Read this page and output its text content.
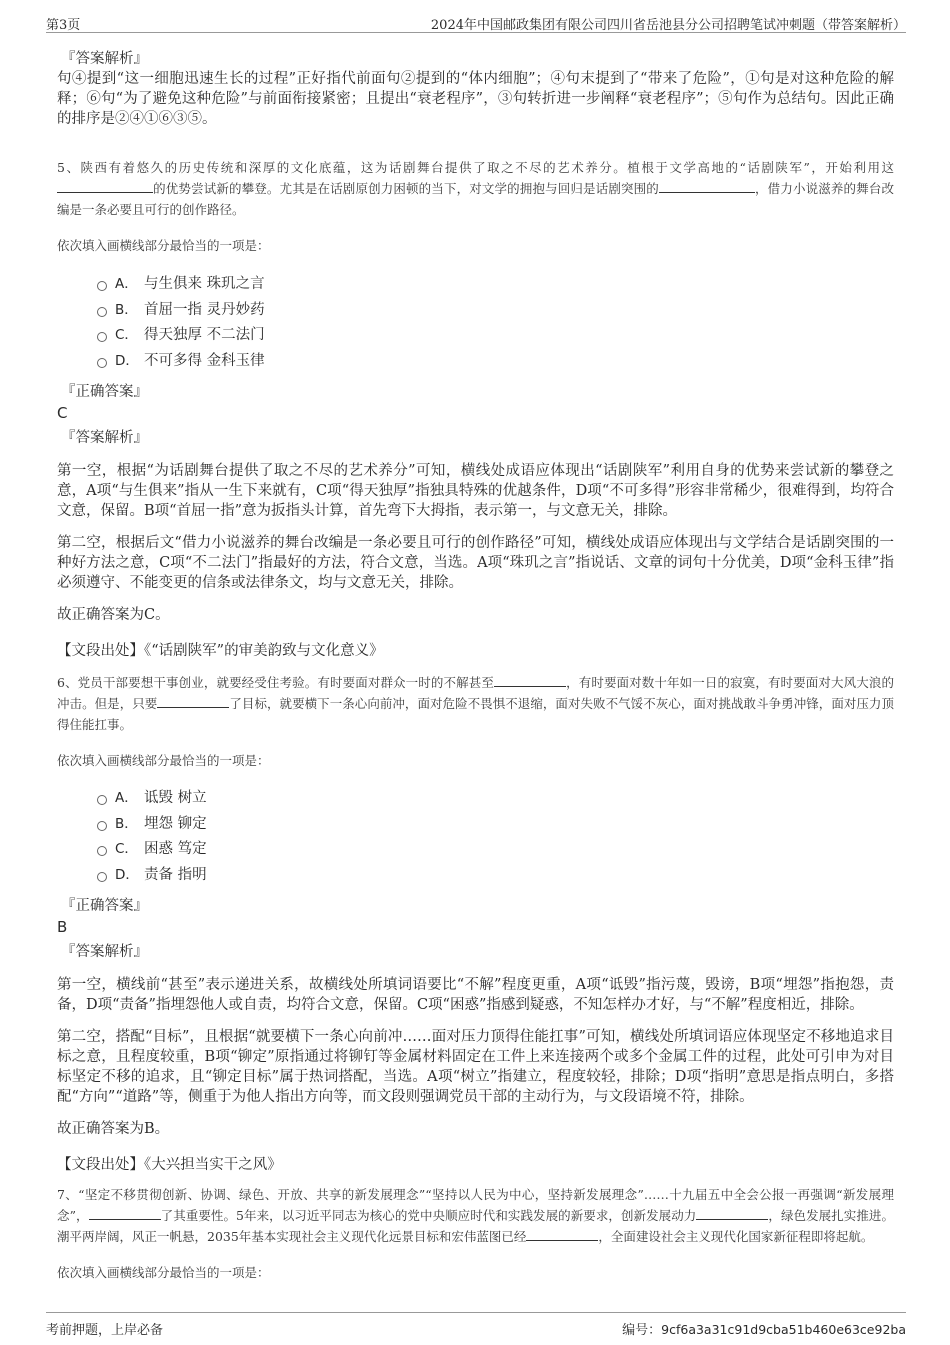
第3页	2024年中国邮政集团有限公司四川省岳池县分公司招聘笔试冲刺题（带答案解析）

『答案解析』

句④提到“这一细胞迅速生长的过程”正好指代前面句②提到的“体内细胞”；④句末提到了“带来了危险”，①句是对这种危险的解释；⑥句“为了避免这种危险”与前面衔接紧密；且提出“衰老程序”，③句转折进一步阐释“衰老程序”；⑤句作为总结句。因此正确的排序是②④①⑥③⑤。

5、陕西有着悠久的历史传统和深厚的文化底蕴，这为话剧舞台提供了取之不尽的艺术养分。植根于文学高地的“话剧陕军”，开始利用这的优势尝试新的攀登。尤其是在话剧原创力困顿的当下，对文学的拥抱与回归是话剧突围的	，借力小说滋养的舞台改编是一条必要且可行的创作路径。

依次填入画横线部分最恰当的一项是：

A． 与生俱来 珠玑之言
B． 首屈一指 灵丹妙药
C． 得天独厚 不二法门
D． 不可多得 金科玉律

『正确答案』

C

『答案解析』

第一空，根据“为话剧舞台提供了取之不尽的艺术养分”可知，横线处成语应体现出“话剧陕军”利用自身的优势来尝试新的攀登之意，A项“与生俱来”指从一生下来就有，C项“得天独厚”指独具特殊的优越条件，D项“不可多得”形容非常稀少，很难得到，均符合文意，保留。B项“首屈一指”意为扳指头计算，首先弯下大拇指，表示第一，与文意无关，排除。

第二空，根据后文“借力小说滋养的舞台改编是一条必要且可行的创作路径”可知，横线处成语应体现出与文学结合是话剧突围的一种好方法之意，C项“不二法门”指最好的方法，符合文意，当选。A项“珠玑之言”指说话、文章的词句十分优美，D项“金科玉律”指必须遵守、不能变更的信条或法律条文，均与文意无关，排除。

故正确答案为C。

【文段出处】《“话剧陕军”的审美韵致与文化意义》

6、党员干部要想干事创业，就要经受住考验。有时要面对群众一时的不解甚至	，有时要面对数十年如一日的寂寞，有时要面对大风大浪的冲击。但是，只要	了目标，就要横下一条心向前冲，面对危险不畏惧不退缩，面对失败不气馁不灰心，面对挑战敢斗争勇冲锋，面对压力顶得住能扛事。

依次填入画横线部分最恰当的一项是：

A． 诋毁 树立
B． 埋怨 铆定
C． 困惑 笃定
D． 责备 指明

『正确答案』

B

『答案解析』

第一空，横线前“甚至”表示递进关系，故横线处所填词语要比“不解”程度更重，A项“诋毁”指污蔑，毁谤，B项“埋怨”指抱怨，责备，D项“责备”指埋怨他人或自责，均符合文意，保留。C项“困惑”指感到疑惑，不知怎样办才好，与“不解”程度相近，排除。

第二空，搭配“目标”，且根据“就要横下一条心向前冲……面对压力顶得住能扛事”可知，横线处所填词语应体现坚定不移地追求目标之意，且程度较重，B项“铆定”原指通过将铆钉等金属材料固定在工件上来连接两个或多个金属工件的过程，此处可引申为对目标坚定不移的追求，且“铆定目标”属于热词搭配，当选。A项“树立”指建立，程度较轻，排除；D项“指明”意思是指点明白，多搭配“方向”“道路”等，侧重于为他人指出方向等，而文段则强调党员干部的主动行为，与文段语境不符，排除。

故正确答案为B。

【文段出处】《大兴担当实干之风》

7、“坚定不移贯彻创新、协调、绿色、开放、共享的新发展理念”“坚持以人民为中心，坚持新发展理念”……十九届五中全会公报一再强调“新发展理念”，	了其重要性。5年来，以习近平同志为核心的党中央顺应时代和实践发展的新要求，创新发展动力	，绿色发展扎实推进。潮平两岸阔，风正一帆悬，2035年基本实现社会主义现代化远景目标和宏伟蓝图已经	，全面建设社会主义现代化国家新征程即将起航。

依次填入画横线部分最恰当的一项是：

考前押题，上岸必备	编号：9cf6a3a31c91d9cba51b460e63ce92ba
